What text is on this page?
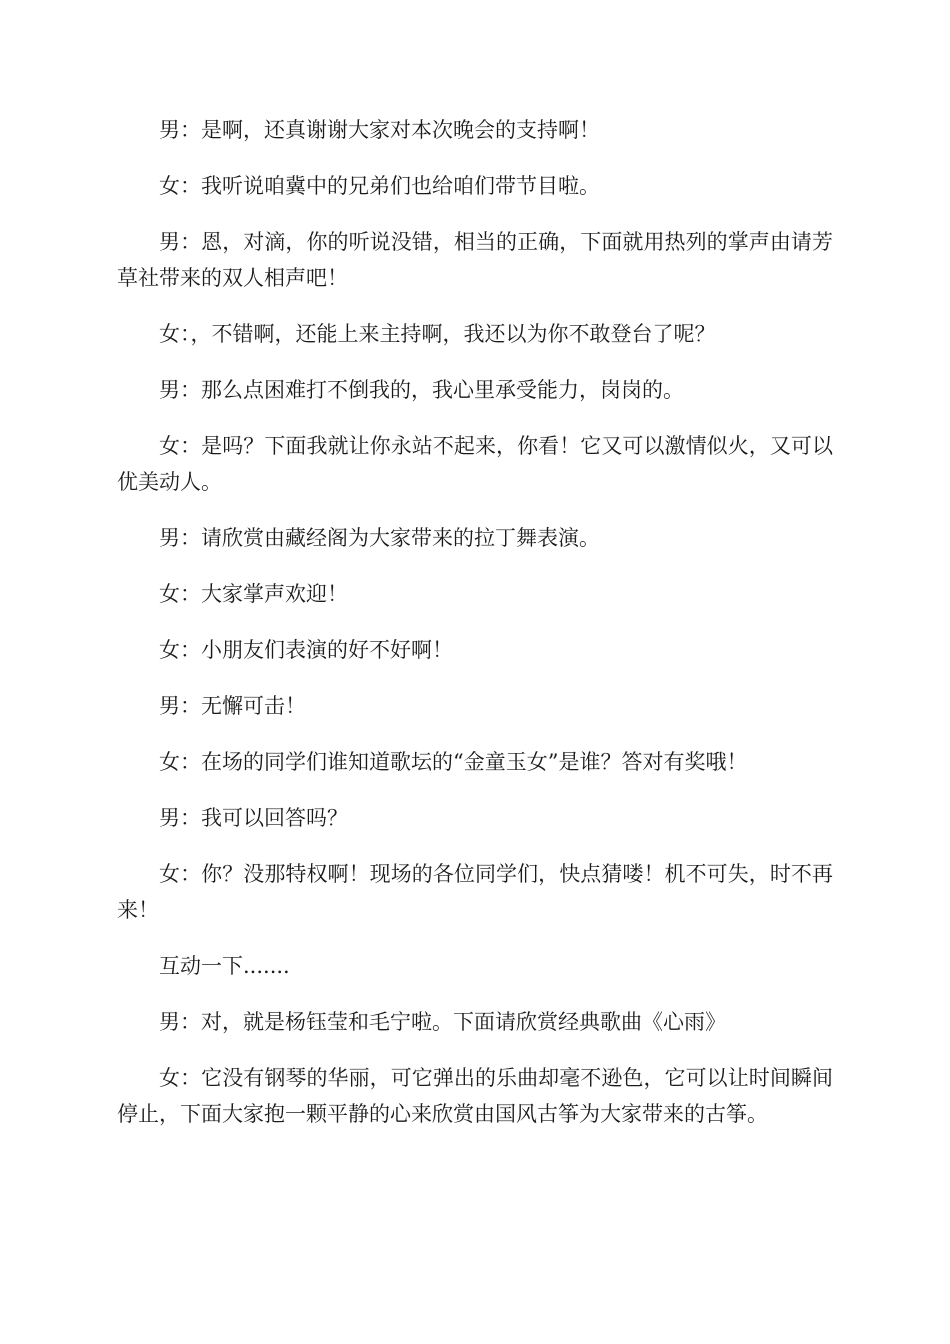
男：是啊，还真谢谢大家对本次晚会的支持啊！

女：我听说咱冀中的兄弟们也给咱们带节目啦。

男：恩，对滴，你的听说没错，相当的正确，下面就用热列的掌声由请芳草社带来的双人相声吧！

女：，不错啊，还能上来主持啊，我还以为你不敢登台了呢？

男：那么点困难打不倒我的，我心里承受能力，岗岗的。

女：是吗？下面我就让你永站不起来，你看！它又可以激情似火，又可以优美动人。

男：请欣赏由藏经阁为大家带来的拉丁舞表演。

女：大家掌声欢迎！

女：小朋友们表演的好不好啊！

男：无懈可击！

女：在场的同学们谁知道歌坛的“金童玉女”是谁？答对有奖哦！

男：我可以回答吗？

女：你？没那特权啊！现场的各位同学们，快点猜喽！机不可失，时不再来！

互动一下.......

男：对，就是杨钰莹和毛宁啦。下面请欣赏经典歌曲《心雨》

女：它没有钢琴的华丽，可它弹出的乐曲却毫不逊色，它可以让时间瞬间停止，下面大家抱一颗平静的心来欣赏由国风古筝为大家带来的古筝。
